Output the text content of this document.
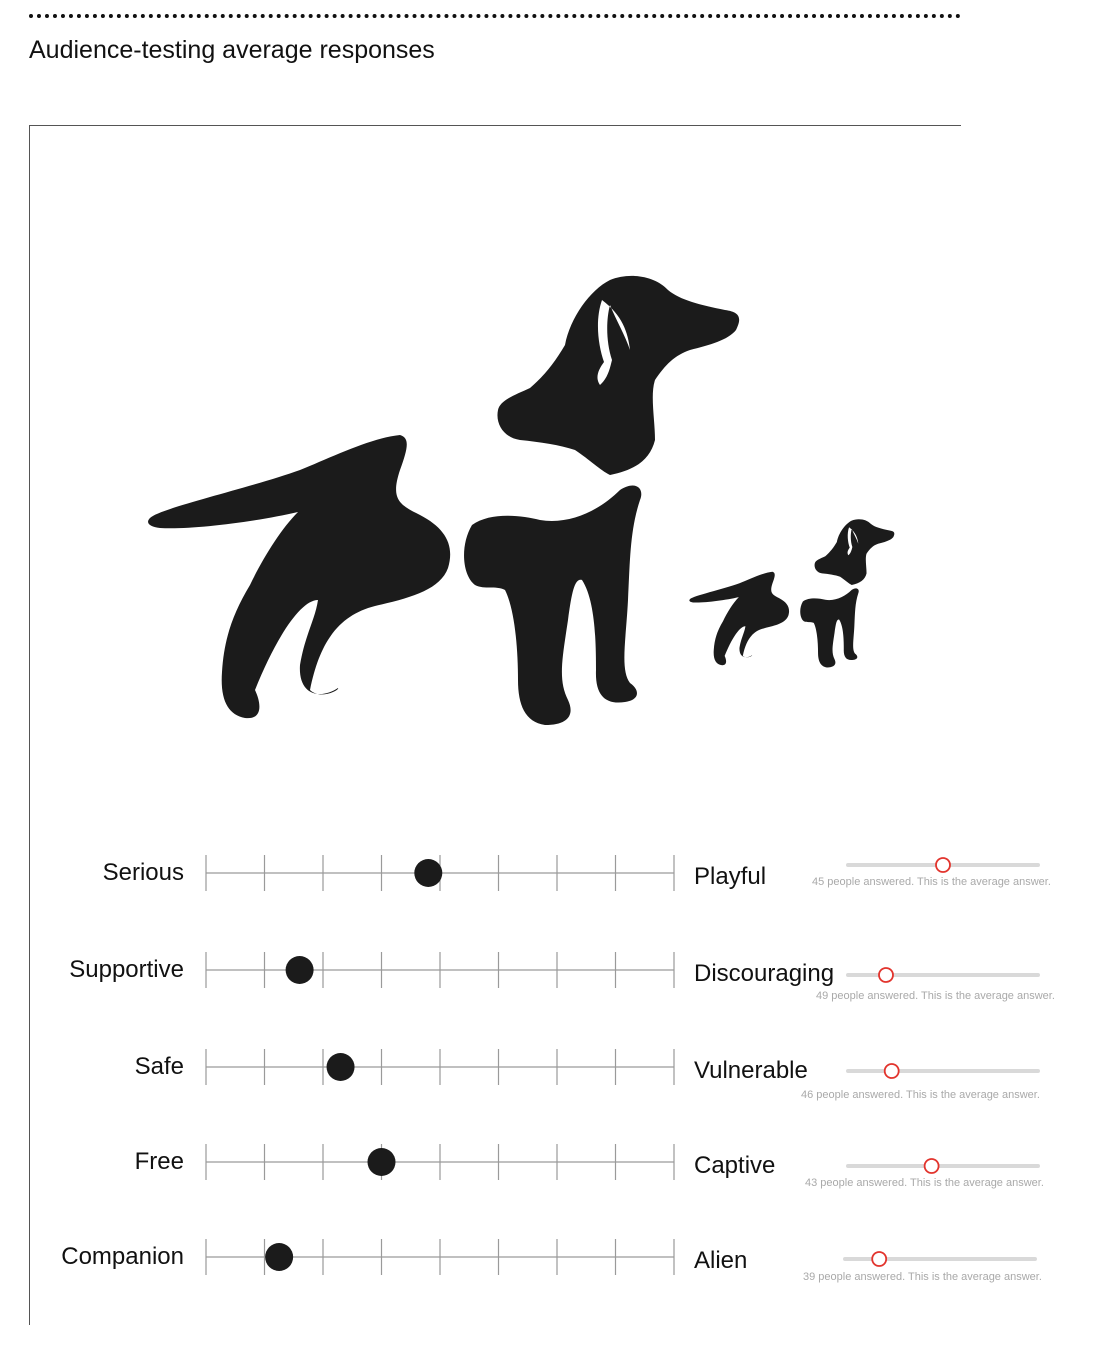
Audience-testing average responses
Serious	Playful	45 people answered. This is the average answer.
Supportive	Discouraging
49 people answered. This is the average answer.
Safe	Vulnerable
46 people answered. This is the average answer.
Free	Captive
43 people answered. This is the average answer.
Companion	Alien
39 people answered. This is the average answer.
